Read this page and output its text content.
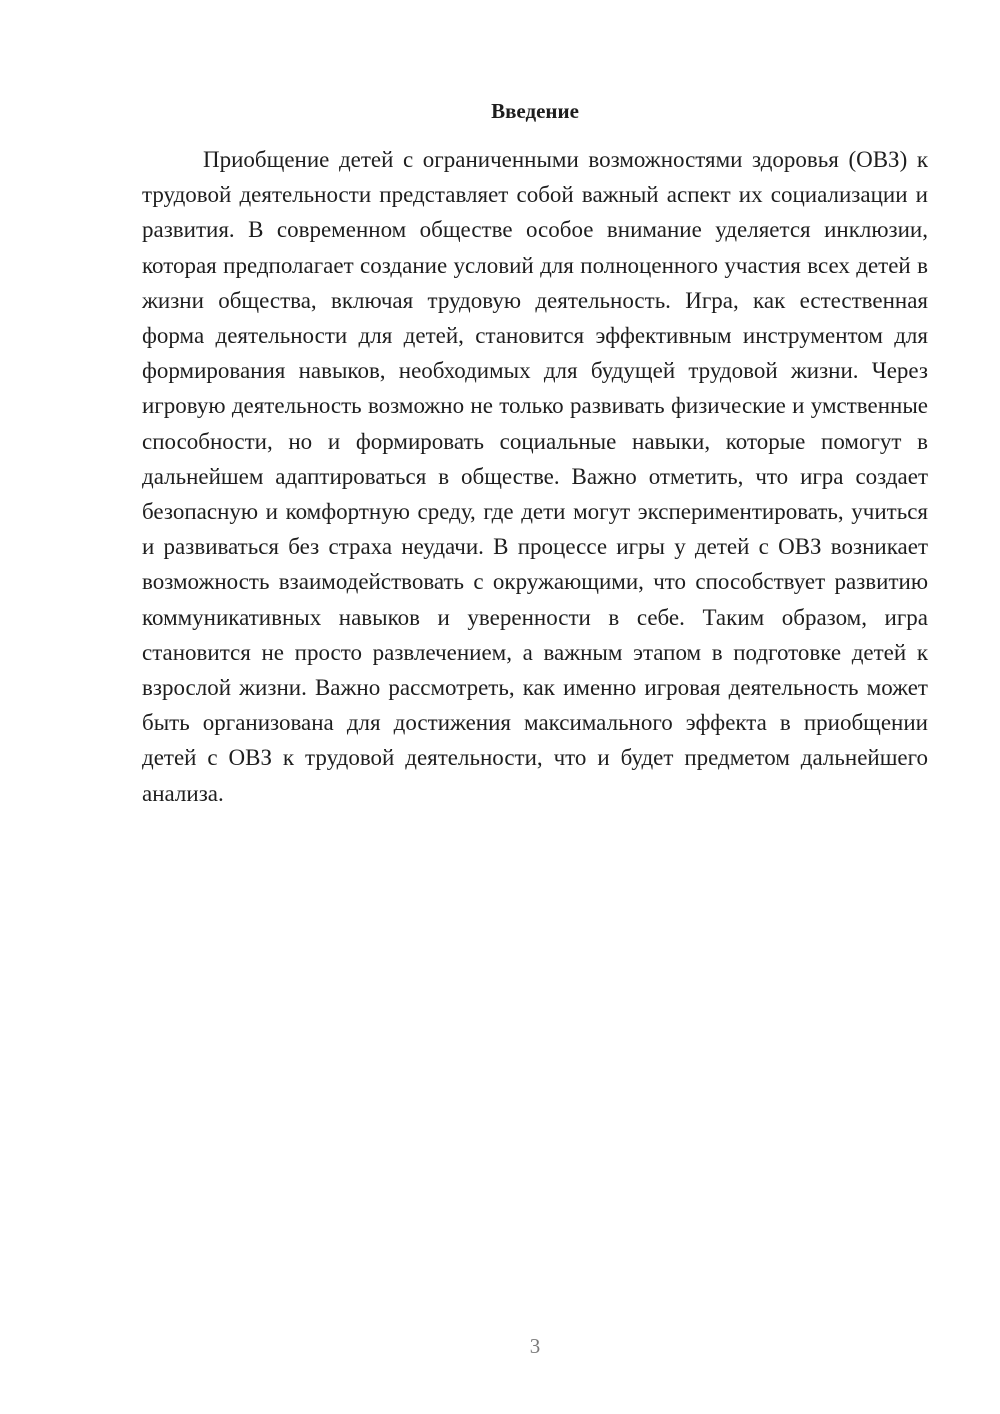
Введение

Приобщение детей с ограниченными возможностями здоровья (ОВЗ) к трудовой деятельности представляет собой важный аспект их социализации и развития. В современном обществе особое внимание уделяется инклюзии, которая предполагает создание условий для полноценного участия всех детей в жизни общества, включая трудовую деятельность. Игра, как естественная форма деятельности для детей, становится эффективным инструментом для формирования навыков, необходимых для будущей трудовой жизни. Через игровую деятельность возможно не только развивать физические и умственные способности, но и формировать социальные навыки, которые помогут в дальнейшем адаптироваться в обществе. Важно отметить, что игра создает безопасную и комфортную среду, где дети могут экспериментировать, учиться и развиваться без страха неудачи. В процессе игры у детей с ОВЗ возникает возможность взаимодействовать с окружающими, что способствует развитию коммуникативных навыков и уверенности в себе. Таким образом, игра становится не просто развлечением, а важным этапом в подготовке детей к взрослой жизни. Важно рассмотреть, как именно игровая деятельность может быть организована для достижения максимального эффекта в приобщении детей с ОВЗ к трудовой деятельности, что и будет предметом дальнейшего анализа.

3
